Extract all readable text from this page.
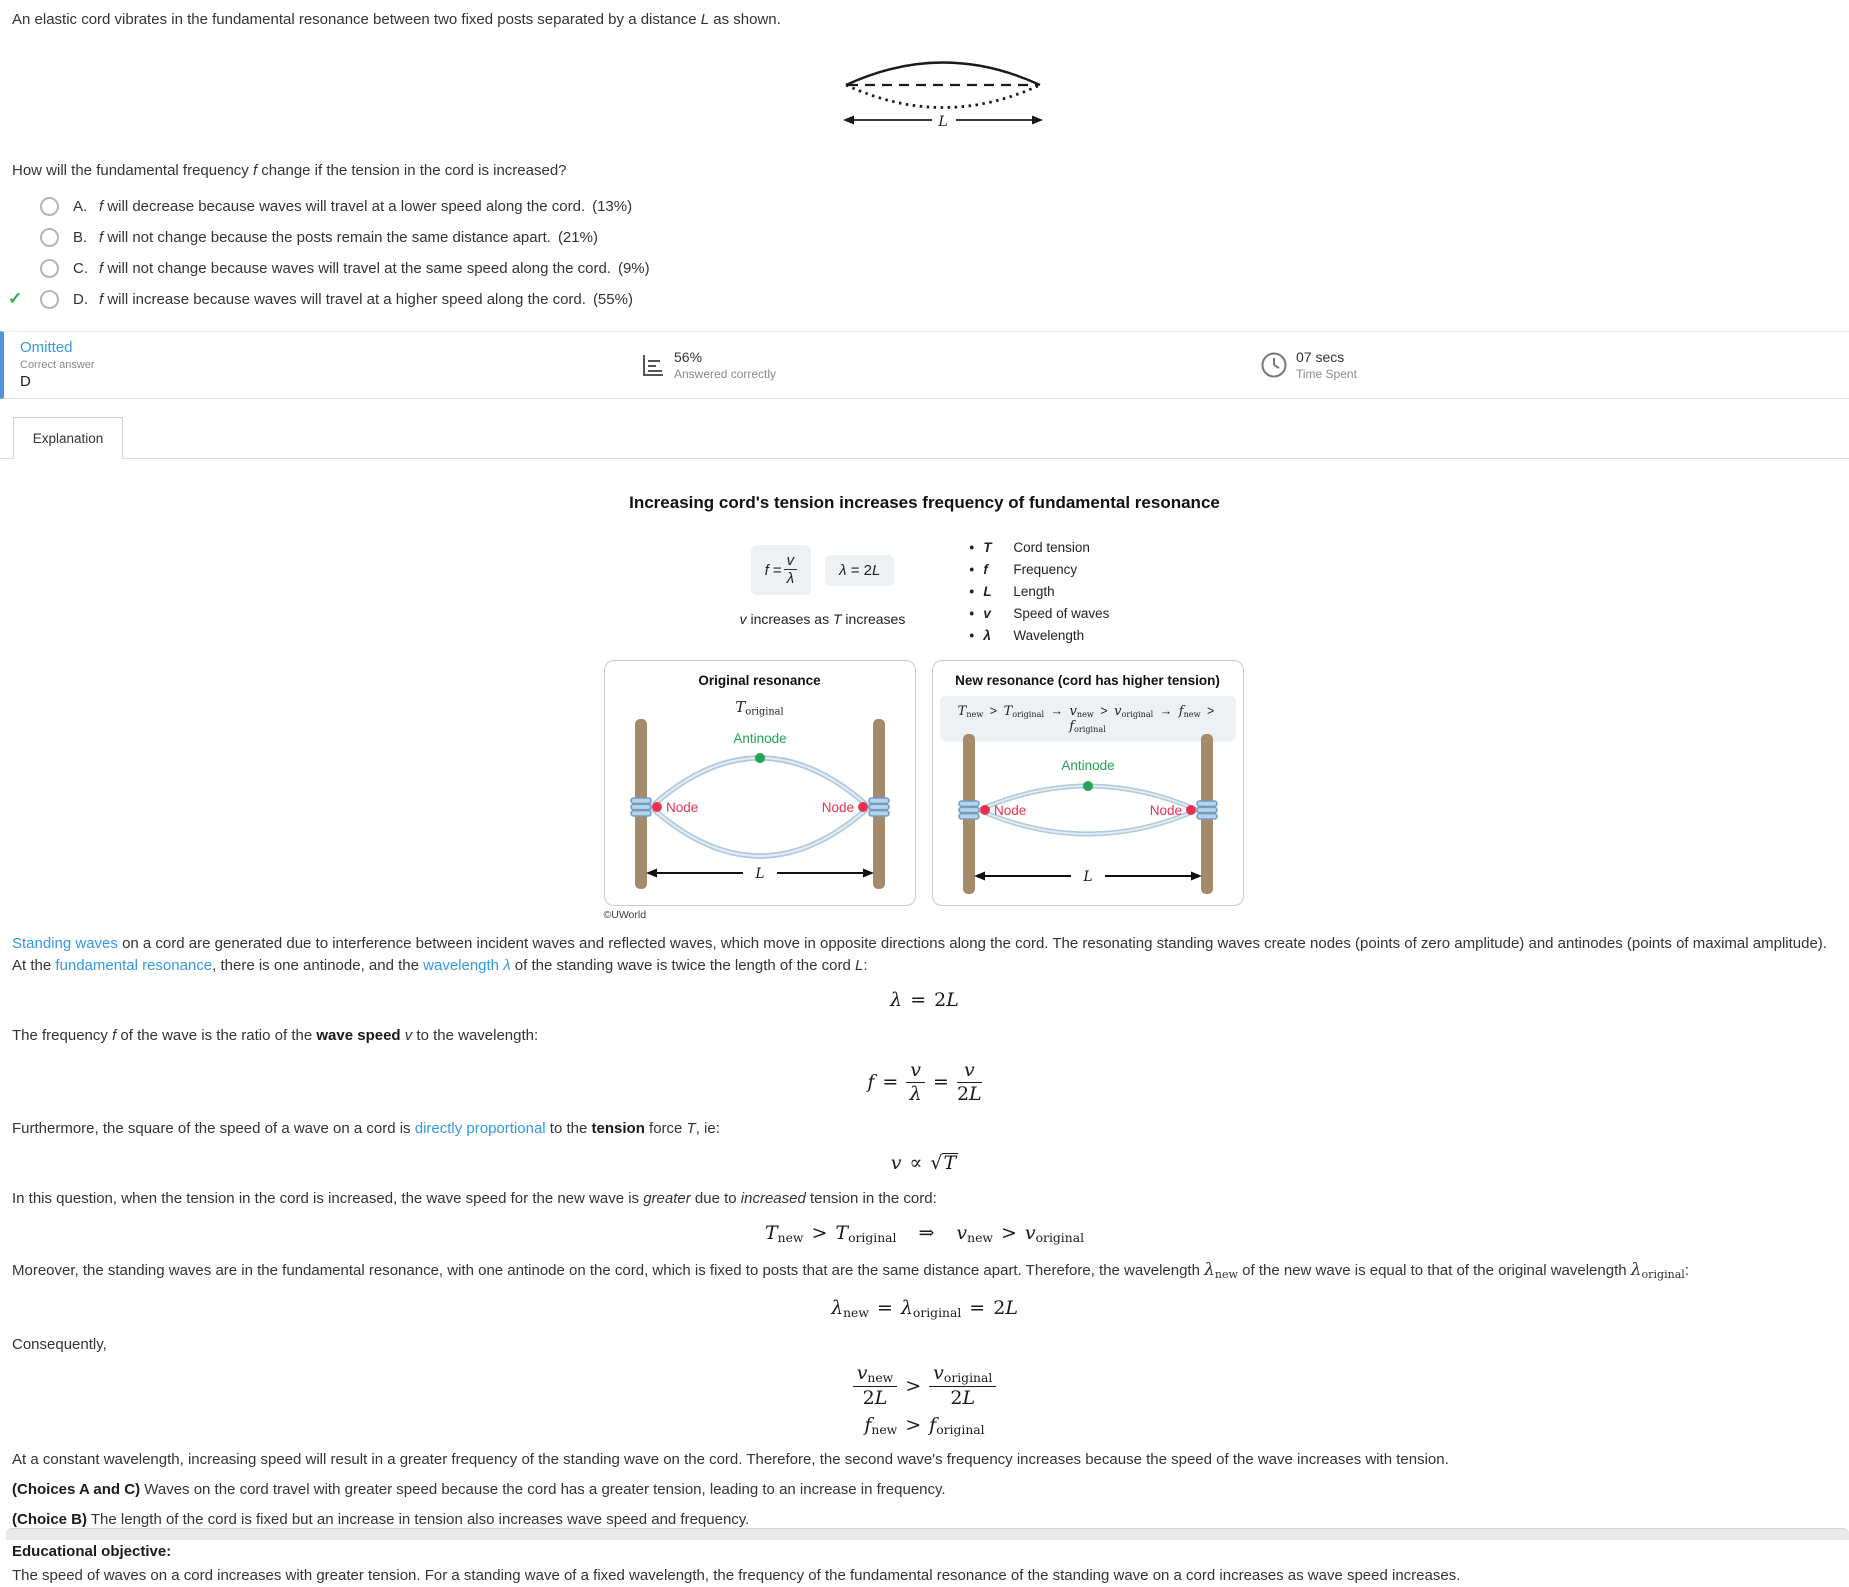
An elastic cord vibrates in the fundamental resonance between two fixed posts separated by a distance L as shown.
L
How will the fundamental frequency f change if the tension in the cord is increased?
A. f will decrease because waves will travel at a lower speed along the cord. (13%)
B. f will not change because the posts remain the same distance apart. (21%)
C. f will not change because waves will travel at the same speed along the cord. (9%)
✓	D. f will increase because waves will travel at a higher speed along the cord. (55%)
Omitted
Correct answer
D
56%
Answered correctly
07 secs
Time Spent
Explanation
Increasing cord's tension increases frequency of fundamental resonance
f
= $\frac{v}{\lambda}$	λ
=
2 L
v increases as T increases
• T	Cord tension
• f	Frequency
• L	Length
• v	Speed of waves
• λ	Wavelength
Original resonance
Toriginal
Antinode
Node	Node
L
New resonance (cord has higher tension)
Tnew > Toriginal → vnew > voriginal → fnew > foriginal
Antinode
Node	Node
L
©UWorld
Standing waves on a cord are generated due to interference between incident waves and reflected waves, which move in opposite directions along the cord. The resonating standing waves create nodes (points of zero amplitude) and antinodes (points of maximal amplitude). At the fundamental resonance, there is one antinode, and the wavelength λ of the standing wave is twice the length of the cord L:
λ = 2L
The frequency f of the wave is the ratio of the wave speed v to the wavelength:
$f = \frac{v}{\lambda} = \frac{v}{2L}$
Furthermore, the square of the speed of a wave on a cord is directly proportional to the tension force T, ie:
v ∝ √T
In this question, when the tension in the cord is increased, the wave speed for the new wave is greater due to increased tension in the cord:
Tnew > Toriginal ⇒ vnew > voriginal
Moreover, the standing waves are in the fundamental resonance, with one antinode on the cord, which is fixed to posts that are the same distance apart. Therefore, the wavelength λnew of the new wave is equal to that of the original wavelength λoriginal:
λnew = λoriginal = 2L
Consequently,
vnew
2L
>
voriginal
2L
fnew > foriginal
At a constant wavelength, increasing speed will result in a greater frequency of the standing wave on the cord. Therefore, the second wave's frequency increases because the speed of the wave increases with tension.
(Choices A and C) Waves on the cord travel with greater speed because the cord has a greater tension, leading to an increase in frequency.
(Choice B) The length of the cord is fixed but an increase in tension also increases wave speed and frequency.
Educational objective:
The speed of waves on a cord increases with greater tension. For a standing wave of a fixed wavelength, the frequency of the fundamental resonance of the standing wave on a cord increases as wave speed increases.
